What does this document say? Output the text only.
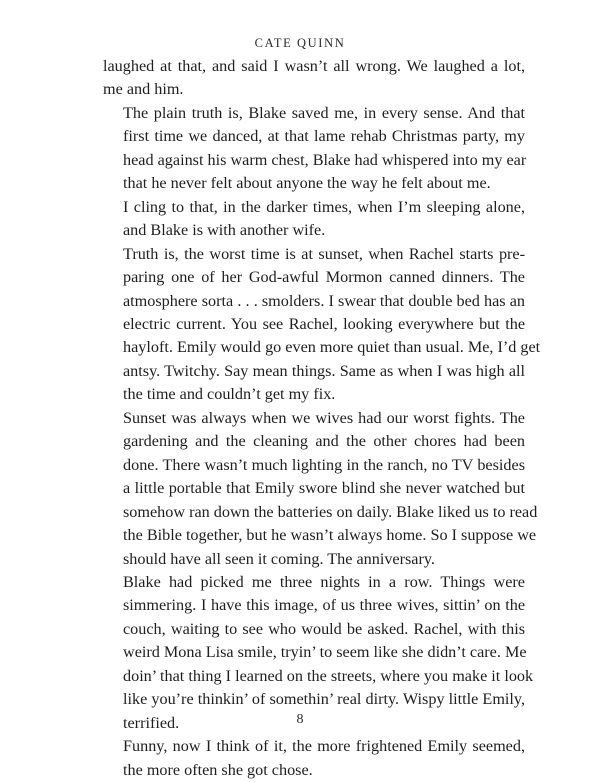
CATE QUINN

laughed at that, and said I wasn’t all wrong. We laughed a lot,
me and him.

The plain truth is, Blake saved me, in every sense. And that
first time we danced, at that lame rehab Christmas party, my
head against his warm chest, Blake had whispered into my ear
that he never felt about anyone the way he felt about me.

I cling to that, in the darker times, when I’m sleeping alone,
and Blake is with another wife.

Truth is, the worst time is at sunset, when Rachel starts pre-
paring one of her God-awful Mormon canned dinners. The
atmosphere sorta . . . smolders. I swear that double bed has an
electric current. You see Rachel, looking everywhere but the
hayloft. Emily would go even more quiet than usual. Me, I’d get
antsy. Twitchy. Say mean things. Same as when I was high all
the time and couldn’t get my fix.

Sunset was always when we wives had our worst fights. The
gardening and the cleaning and the other chores had been
done. There wasn’t much lighting in the ranch, no TV besides
a little portable that Emily swore blind she never watched but
somehow ran down the batteries on daily. Blake liked us to read
the Bible together, but he wasn’t always home. So I suppose we
should have all seen it coming. The anniversary.

Blake had picked me three nights in a row. Things were
simmering. I have this image, of us three wives, sittin’ on the
couch, waiting to see who would be asked. Rachel, with this
weird Mona Lisa smile, tryin’ to seem like she didn’t care. Me
doin’ that thing I learned on the streets, where you make it look
like you’re thinkin’ of somethin’ real dirty. Wispy little Emily,
terrified.

Funny, now I think of it, the more frightened Emily seemed,
the more often she got chose.

8
